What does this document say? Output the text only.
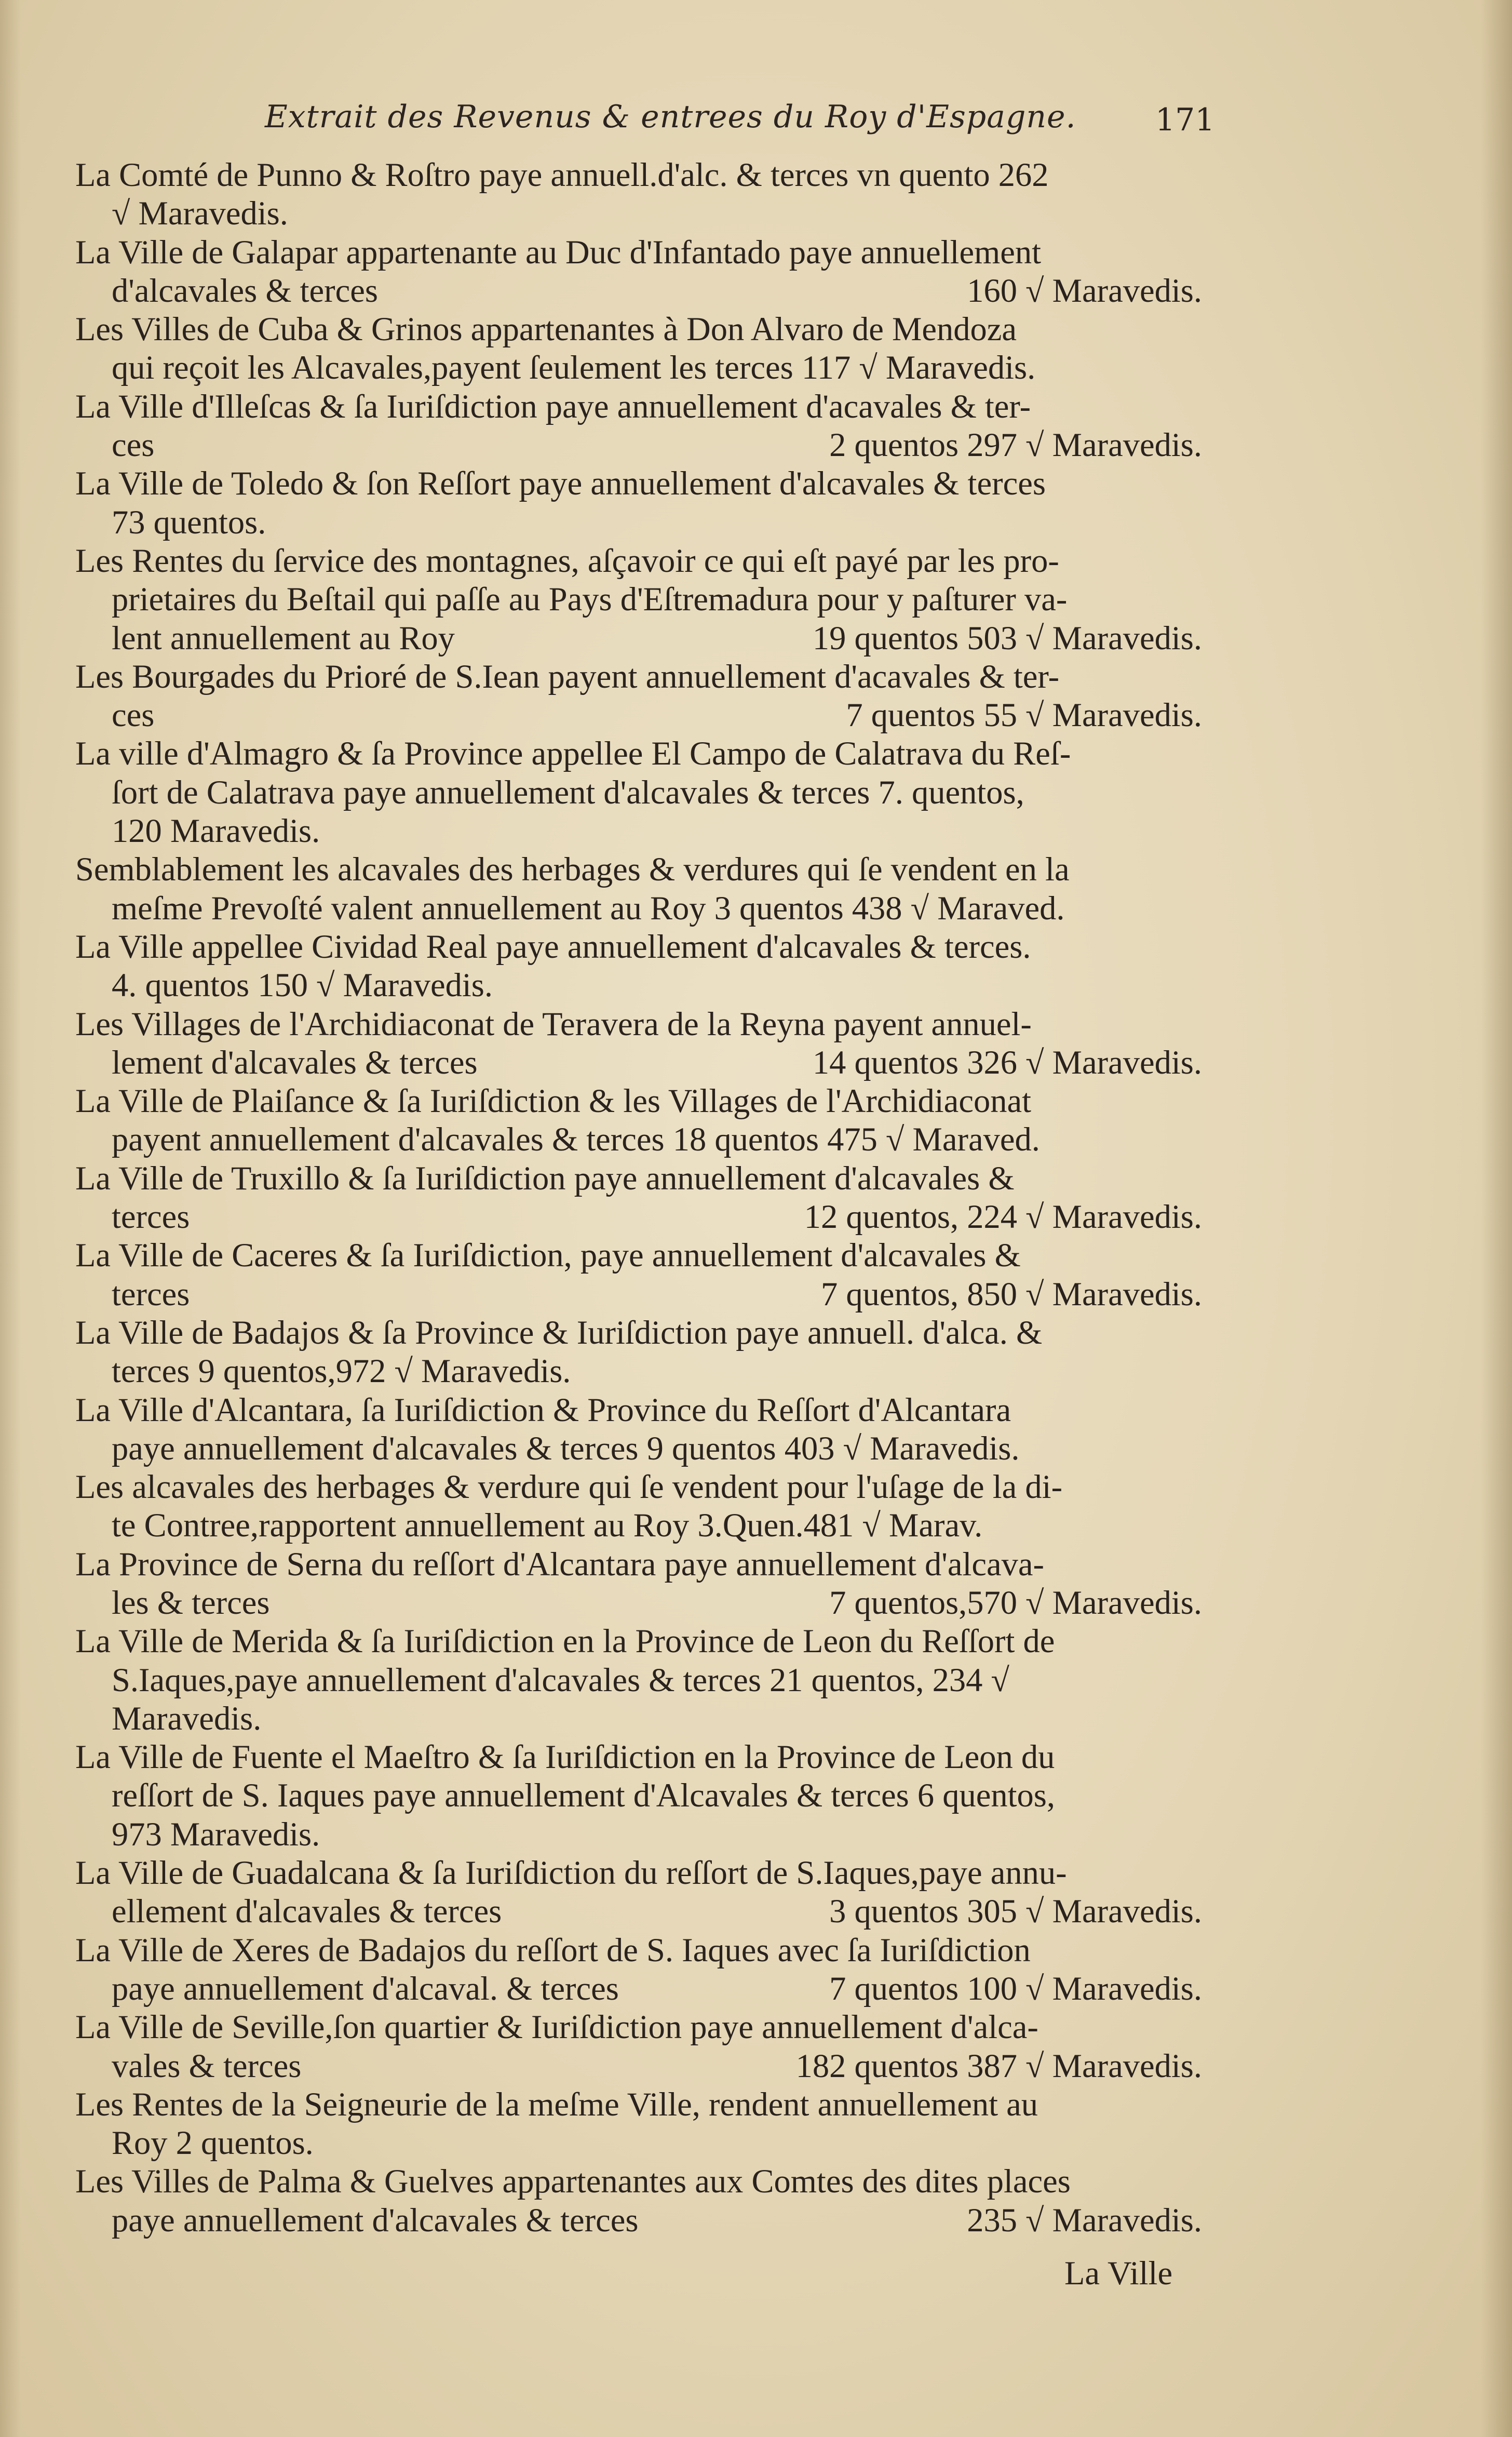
Extrait des Revenus & entrees du Roy d'Espagne.	171
La Comté de Punno & Roſtro paye annuell.d'alc. & terces vn quento 262
√ Maravedis.
La Ville de Galapar appartenante au Duc d'Infantado paye annuellement
d'alcavales & terces	160 √ Maravedis.
Les Villes de Cuba & Grinos appartenantes à Don Alvaro de Mendoza
qui reçoit les Alcavales,payent ſeulement les terces 117 √ Maravedis.
La Ville d'Illeſcas & ſa Iuriſdiction paye annuellement d'acavales & ter-
ces	2 quentos 297 √ Maravedis.
La Ville de Toledo & ſon Reſſort paye annuellement d'alcavales & terces
73 quentos.
Les Rentes du ſervice des montagnes, aſçavoir ce qui eſt payé par les pro-
prietaires du Beſtail qui paſſe au Pays d'Eſtremadura pour y paſturer va-
lent annuellement au Roy	19 quentos 503 √ Maravedis.
Les Bourgades du Prioré de S.Iean payent annuellement d'acavales & ter-
ces	7 quentos 55 √ Maravedis.
La ville d'Almagro & ſa Province appellee El Campo de Calatrava du Reſ-
ſort de Calatrava paye annuellement d'alcavales & terces 7. quentos,
120 Maravedis.
Semblablement les alcavales des herbages & verdures qui ſe vendent en la
meſme Prevoſté valent annuellement au Roy 3 quentos 438 √ Maraved.
La Ville appellee Cividad Real paye annuellement d'alcavales & terces.
4. quentos 150 √ Maravedis.
Les Villages de l'Archidiaconat de Teravera de la Reyna payent annuel-
lement d'alcavales & terces	14 quentos 326 √ Maravedis.
La Ville de Plaiſance & ſa Iuriſdiction & les Villages de l'Archidiaconat
payent annuellement d'alcavales & terces 18 quentos 475 √ Maraved.
La Ville de Truxillo & ſa Iuriſdiction paye annuellement d'alcavales &
terces	12 quentos, 224 √ Maravedis.
La Ville de Caceres & ſa Iuriſdiction, paye annuellement d'alcavales &
terces	7 quentos, 850 √ Maravedis.
La Ville de Badajos & ſa Province & Iuriſdiction paye annuell. d'alca. &
terces 9 quentos,972 √ Maravedis.
La Ville d'Alcantara, ſa Iuriſdiction & Province du Reſſort d'Alcantara
paye annuellement d'alcavales & terces 9 quentos 403 √ Maravedis.
Les alcavales des herbages & verdure qui ſe vendent pour l'uſage de la di-
te Contree,rapportent annuellement au Roy 3.Quen.481 √ Marav.
La Province de Serna du reſſort d'Alcantara paye annuellement d'alcava-
les & terces	7 quentos,570 √ Maravedis.
La Ville de Merida & ſa Iuriſdiction en la Province de Leon du Reſſort de
S.Iaques,paye annuellement d'alcavales & terces 21 quentos, 234 √
Maravedis.
La Ville de Fuente el Maeſtro & ſa Iuriſdiction en la Province de Leon du
reſſort de S. Iaques paye annuellement d'Alcavales & terces 6 quentos,
973 Maravedis.
La Ville de Guadalcana & ſa Iuriſdiction du reſſort de S.Iaques,paye annu-
ellement d'alcavales & terces	3 quentos 305 √ Maravedis.
La Ville de Xeres de Badajos du reſſort de S. Iaques avec ſa Iuriſdiction
paye annuellement d'alcaval. & terces	7 quentos 100 √ Maravedis.
La Ville de Seville,ſon quartier & Iuriſdiction paye annuellement d'alca-
vales & terces	182 quentos 387 √ Maravedis.
Les Rentes de la Seigneurie de la meſme Ville, rendent annuellement au
Roy 2 quentos.
Les Villes de Palma & Guelves appartenantes aux Comtes des dites places
paye annuellement d'alcavales & terces	235 √ Maravedis.
La Ville
